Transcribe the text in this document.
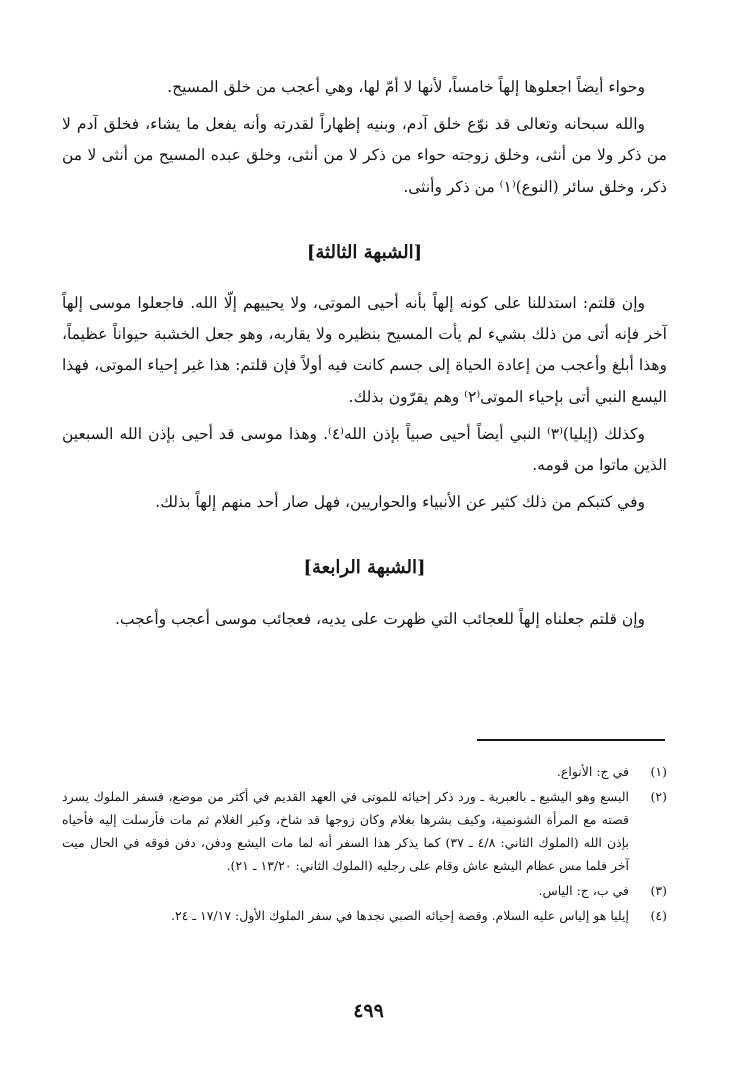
وحواء أيضاً اجعلوها إلهاً خامساً، لأنها لا أمّ لها، وهي أعجب من خلق المسيح.

والله سبحانه وتعالى قد نوّع خلق آدم، وبنيه إظهاراً لقدرته وأنه يفعل ما يشاء، فخلق آدم لا من ذكر ولا من أنثى، وخلق زوجته حواء من ذكر لا من أنثى، وخلق عبده المسيح من أنثى لا من ذكر، وخلق سائر (النوع)⁽١⁾ من ذكر وأنثى.

[الشبهة الثالثة]

وإن قلتم: استدللنا على كونه إلهاً بأنه أحيى الموتى، ولا يحييهم إلّا الله. فاجعلوا موسى إلهاً آخر فإنه أتى من ذلك بشيء لم يأت المسيح بنظيره ولا يقاربه، وهو جعل الخشبة حيواناً عظيماً، وهذا أبلغ وأعجب من إعادة الحياة إلى جسم كانت فيه أولاً فإن قلتم: هذا غير إحياء الموتى، فهذا اليسع النبي أتى بإحياء الموتى⁽٢⁾ وهم يقرّون بذلك.

وكذلك (إيليا)⁽٣⁾ النبي أيضاً أحيى صبياً بإذن الله⁽٤⁾. وهذا موسى قد أحيى بإذن الله السبعين الذين ماتوا من قومه.

وفي كتبكم من ذلك كثير عن الأنبياء والحواريين، فهل صار أحد منهم إلهاً بذلك.

[الشبهة الرابعة]

وإن قلتم جعلناه إلهاً للعجائب التي ظهرت على يديه، فعجائب موسى أعجب وأعجب.

(١)
في ج: الأنواع.
(٢)
اليسع وهو اليشيع ـ بالعبرية ـ ورد ذكر إحيائه للموتى في العهد القديم في أكثر من موضع، فسفر الملوك يسرد قصته مع المرأة الشونمية، وكيف بشرها بغلام وكان زوجها قد شاخ، وكبر الغلام ثم مات فأرسلت إليه فأحياه بإذن الله (الملوك الثاني: ٤/٨ ـ ٣٧) كما يذكر هذا السفر أنه لما مات اليشع ودفن، دفن فوقه في الحال ميت آخر فلما مس عظام اليشع عاش وقام على رجليه (الملوك الثاني: ١٣/٢٠ ـ ٢١).
(٣)
في ب، ج: الياس.
(٤)
إيليا هو إلياس عليه السلام. وقصة إحيائه الصبي نجدها في سفر الملوك الأول: ١٧/١٧ ـ ٢٤.
٤٩٩
